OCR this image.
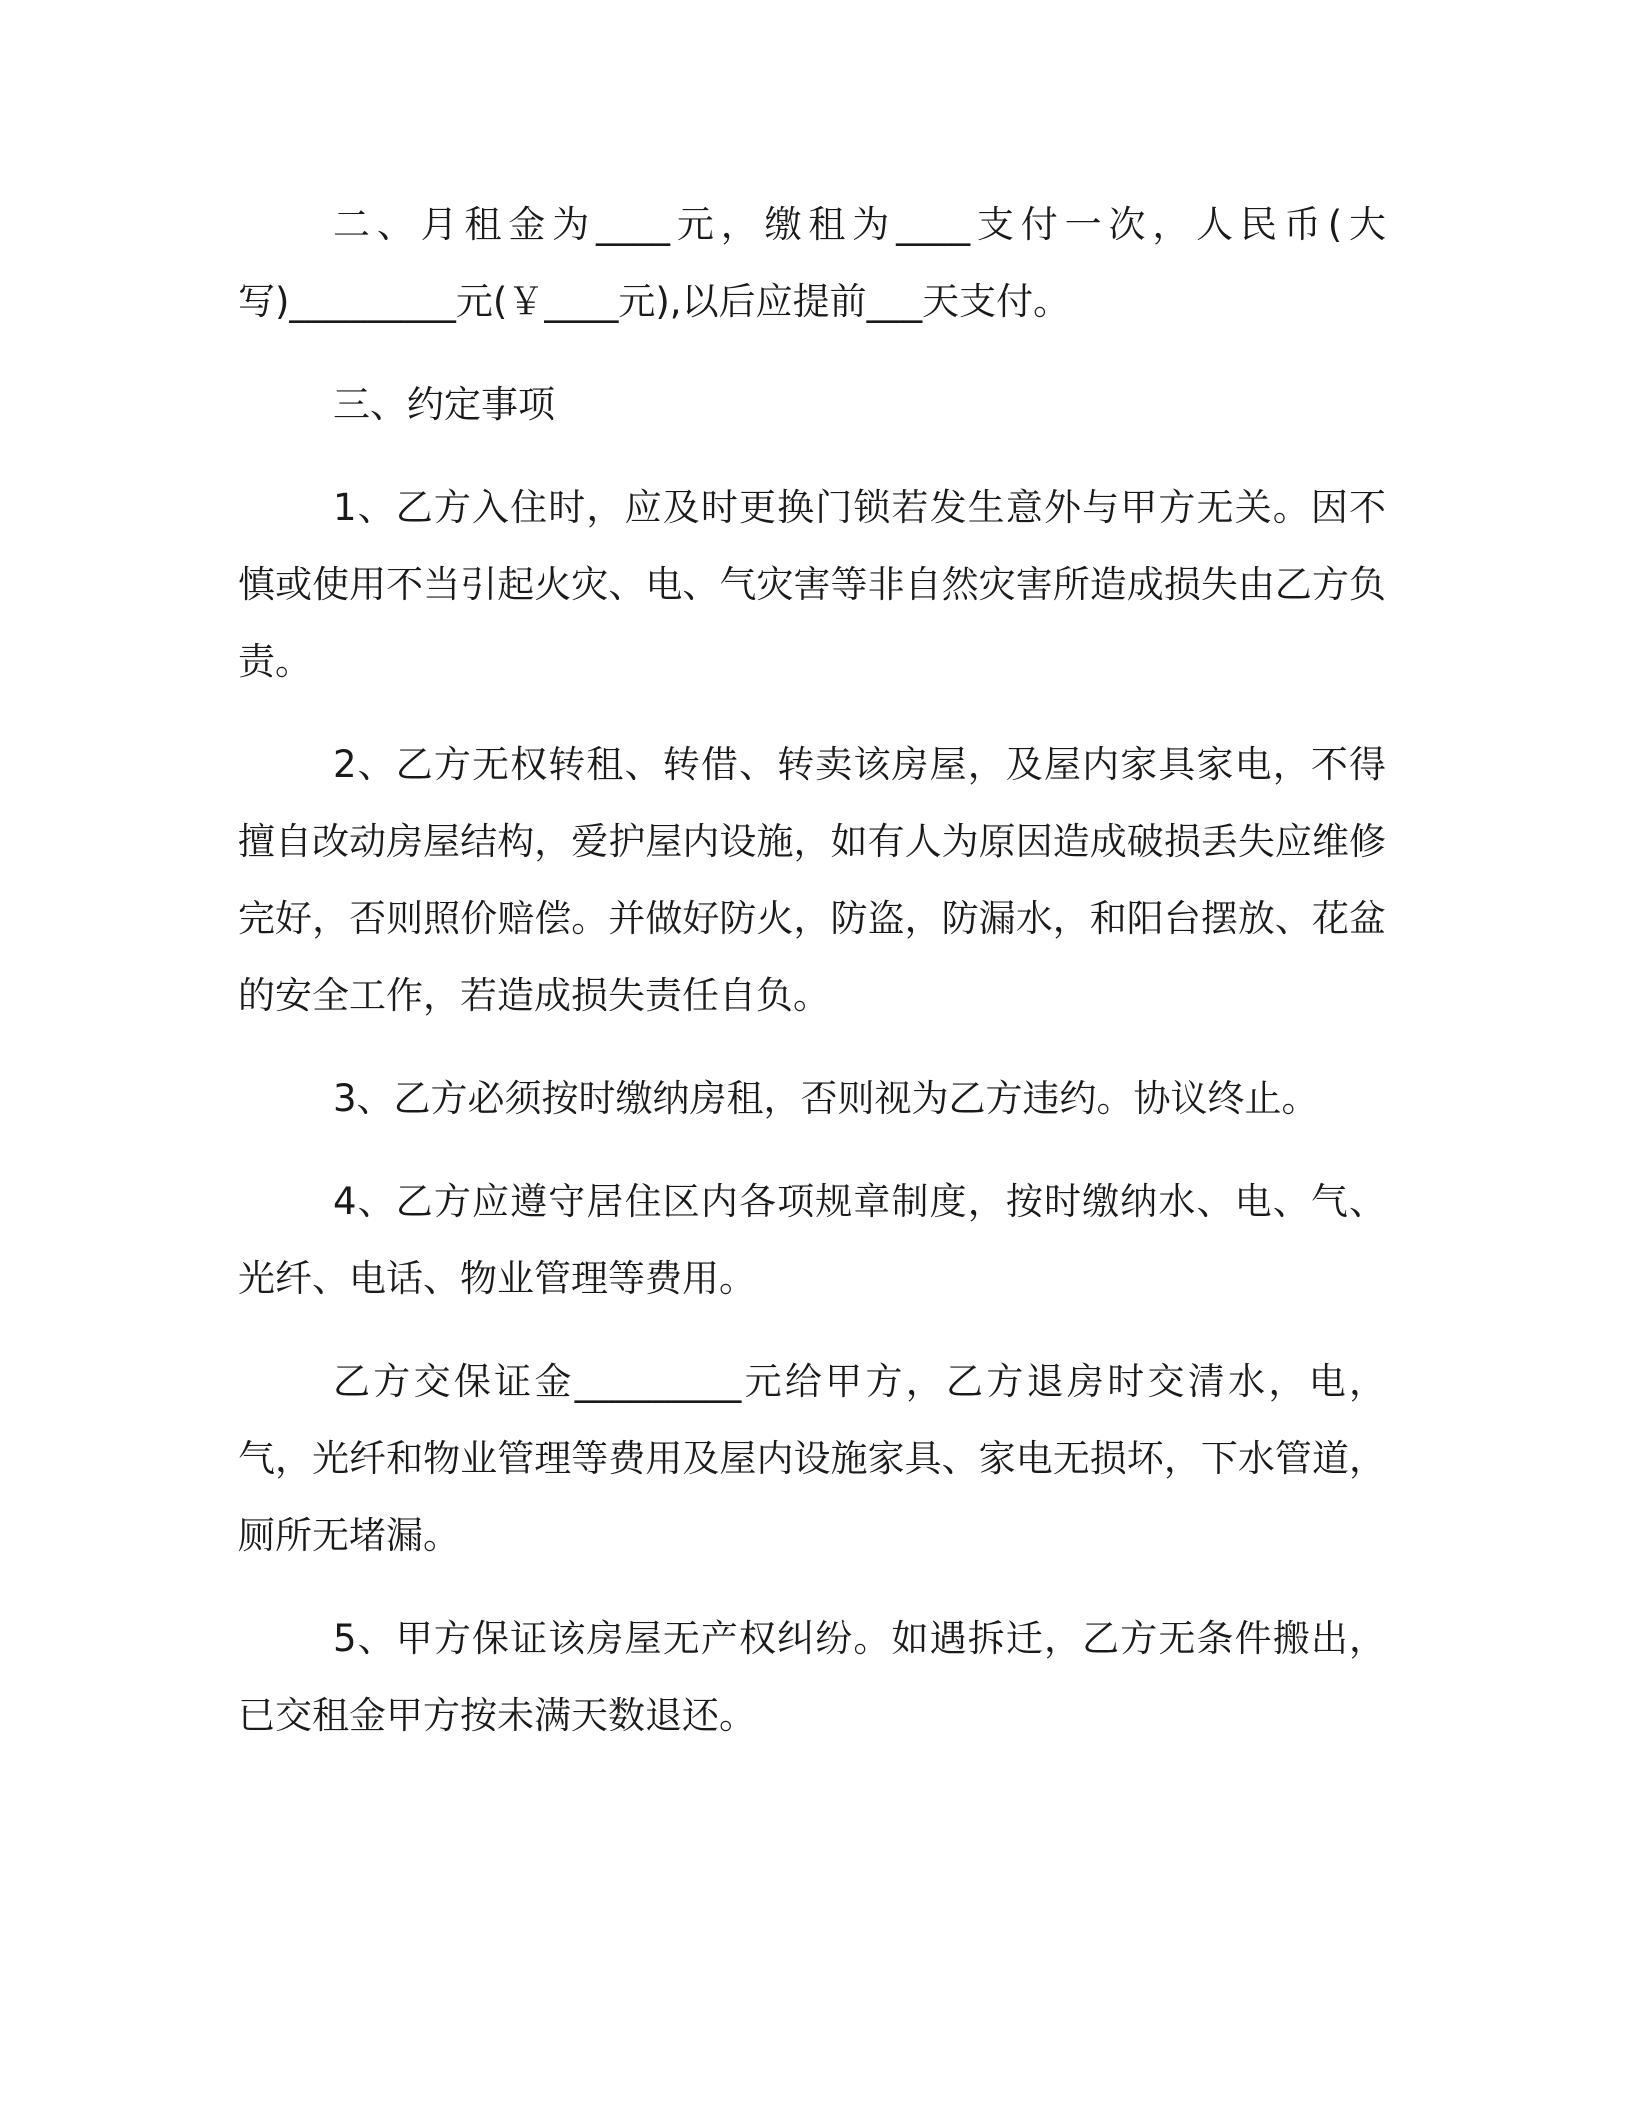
二、月租金为____元，缴租为____支付一次，人民币(大写)_________元(￥____元),以后应提前___天支付。

三、约定事项

1、乙方入住时，应及时更换门锁若发生意外与甲方无关。因不慎或使用不当引起火灾、电、气灾害等非自然灾害所造成损失由乙方负责。

2、乙方无权转租、转借、转卖该房屋，及屋内家具家电，不得擅自改动房屋结构，爱护屋内设施，如有人为原因造成破损丢失应维修完好，否则照价赔偿。并做好防火，防盗，防漏水，和阳台摆放、花盆的安全工作，若造成损失责任自负。

3、乙方必须按时缴纳房租，否则视为乙方违约。协议终止。

4、乙方应遵守居住区内各项规章制度，按时缴纳水、电、气、光纤、电话、物业管理等费用。

乙方交保证金_________元给甲方，乙方退房时交清水，电，气，光纤和物业管理等费用及屋内设施家具、家电无损坏，下水管道，厕所无堵漏。

5、甲方保证该房屋无产权纠纷。如遇拆迁，乙方无条件搬出，已交租金甲方按未满天数退还。
